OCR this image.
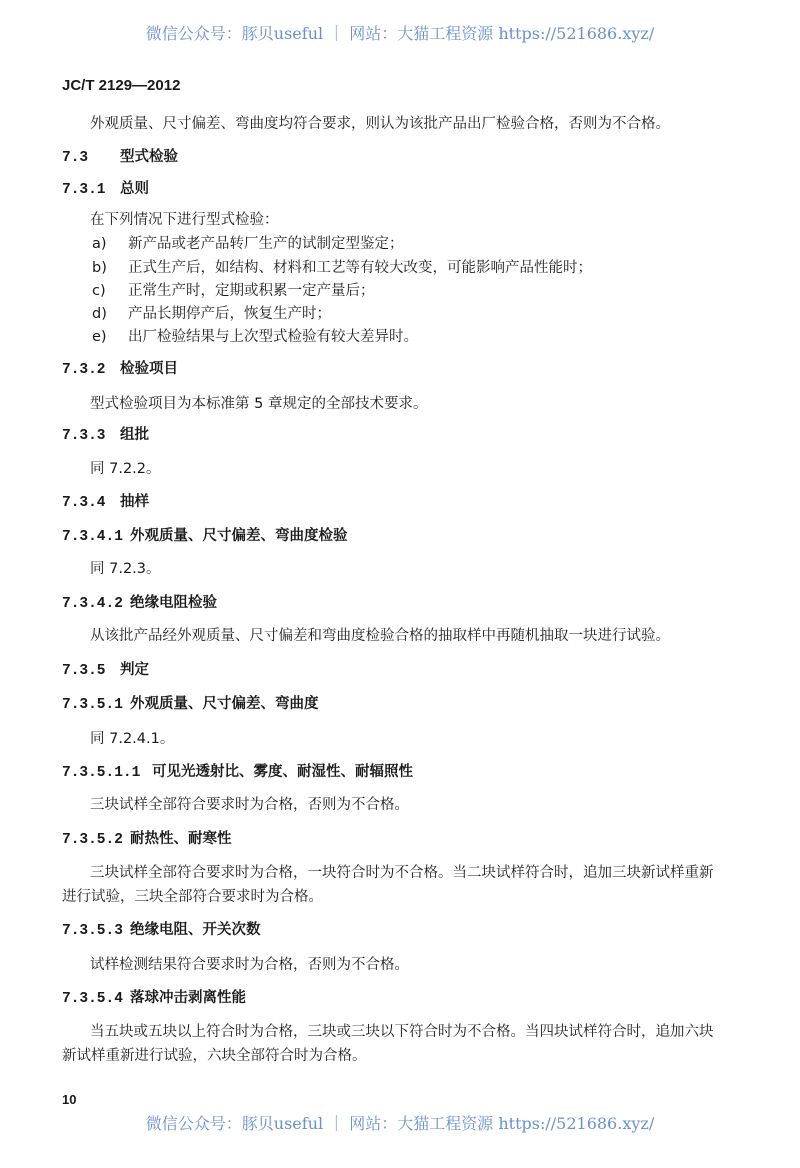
微信公众号：豚贝useful ｜ 网站：大猫工程资源 https://521686.xyz/
JC/T 2129—2012
外观质量、尺寸偏差、弯曲度均符合要求，则认为该批产品出厂检验合格，否则为不合格。
7.3 型式检验
7.3.1 总则
在下列情况下进行型式检验：
a) 新产品或老产品转厂生产的试制定型鉴定；
b) 正式生产后，如结构、材料和工艺等有较大改变，可能影响产品性能时；
c) 正常生产时，定期或积累一定产量后；
d) 产品长期停产后，恢复生产时；
e) 出厂检验结果与上次型式检验有较大差异时。
7.3.2 检验项目
型式检验项目为本标准第 5 章规定的全部技术要求。
7.3.3 组批
同 7.2.2。
7.3.4 抽样
7.3.4.1 外观质量、尺寸偏差、弯曲度检验
同 7.2.3。
7.3.4.2 绝缘电阻检验
从该批产品经外观质量、尺寸偏差和弯曲度检验合格的抽取样中再随机抽取一块进行试验。
7.3.5 判定
7.3.5.1 外观质量、尺寸偏差、弯曲度
同 7.2.4.1。
7.3.5.1.1 可见光透射比、雾度、耐湿性、耐辐照性
三块试样全部符合要求时为合格，否则为不合格。
7.3.5.2 耐热性、耐寒性
三块试样全部符合要求时为合格，一块符合时为不合格。当二块试样符合时，追加三块新试样重新
进行试验，三块全部符合要求时为合格。
7.3.5.3 绝缘电阻、开关次数
试样检测结果符合要求时为合格，否则为不合格。
7.3.5.4 落球冲击剥离性能
当五块或五块以上符合时为合格，三块或三块以下符合时为不合格。当四块试样符合时，追加六块
新试样重新进行试验，六块全部符合时为合格。
10
微信公众号：豚贝useful ｜ 网站：大猫工程资源 https://521686.xyz/
